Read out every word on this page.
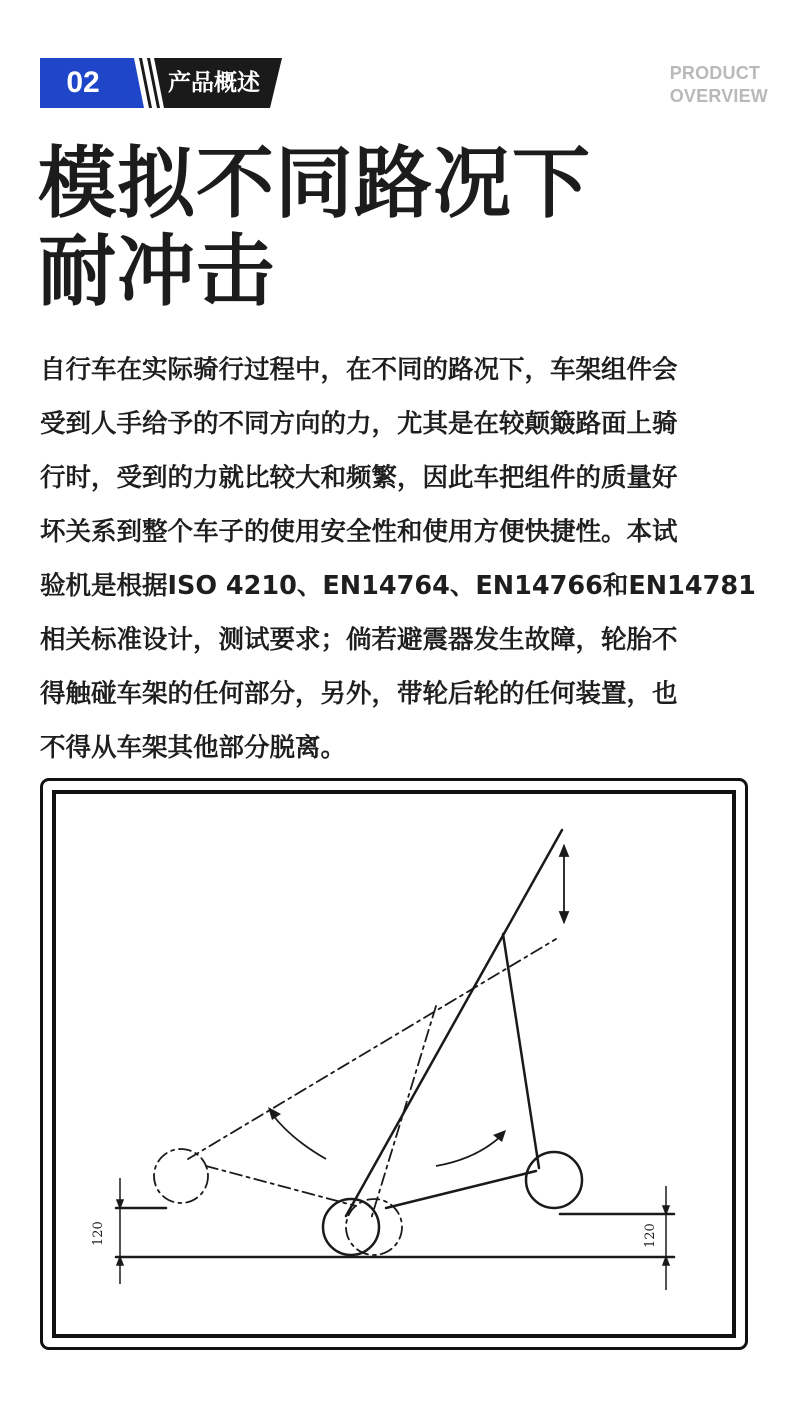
02	产品概述	PRODUCT
OVERVIEW
模拟不同路况下
耐冲击
自行车在实际骑行过程中，在不同的路况下，车架组件会
受到人手给予的不同方向的力，尤其是在较颠簸路面上骑
行时，受到的力就比较大和频繁，因此车把组件的质量好
坏关系到整个车子的使用安全性和使用方便快捷性。本试
验机是根据ISO 4210、EN14764、EN14766和EN14781
相关标准设计，测试要求；倘若避震器发生故障，轮胎不
得触碰车架的任何部分，另外，带轮后轮的任何装置，也
不得从车架其他部分脱离。
120	120
